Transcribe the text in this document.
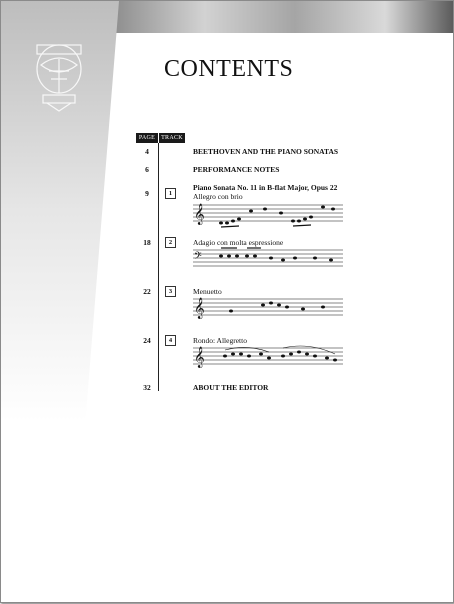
CONTENTS
PAGE TRACK
4	BEETHOVEN AND THE PIANO SONATAS
6	PERFORMANCE NOTES
Piano Sonata No. 11 in B-flat Major, Opus 22
9	1	Allegro con brio
𝄞
18	2	Adagio con molta espressione
𝄢
22	3	Menuetto
𝄞
24	4	Rondo: Allegretto
𝄞
32	ABOUT THE EDITOR
